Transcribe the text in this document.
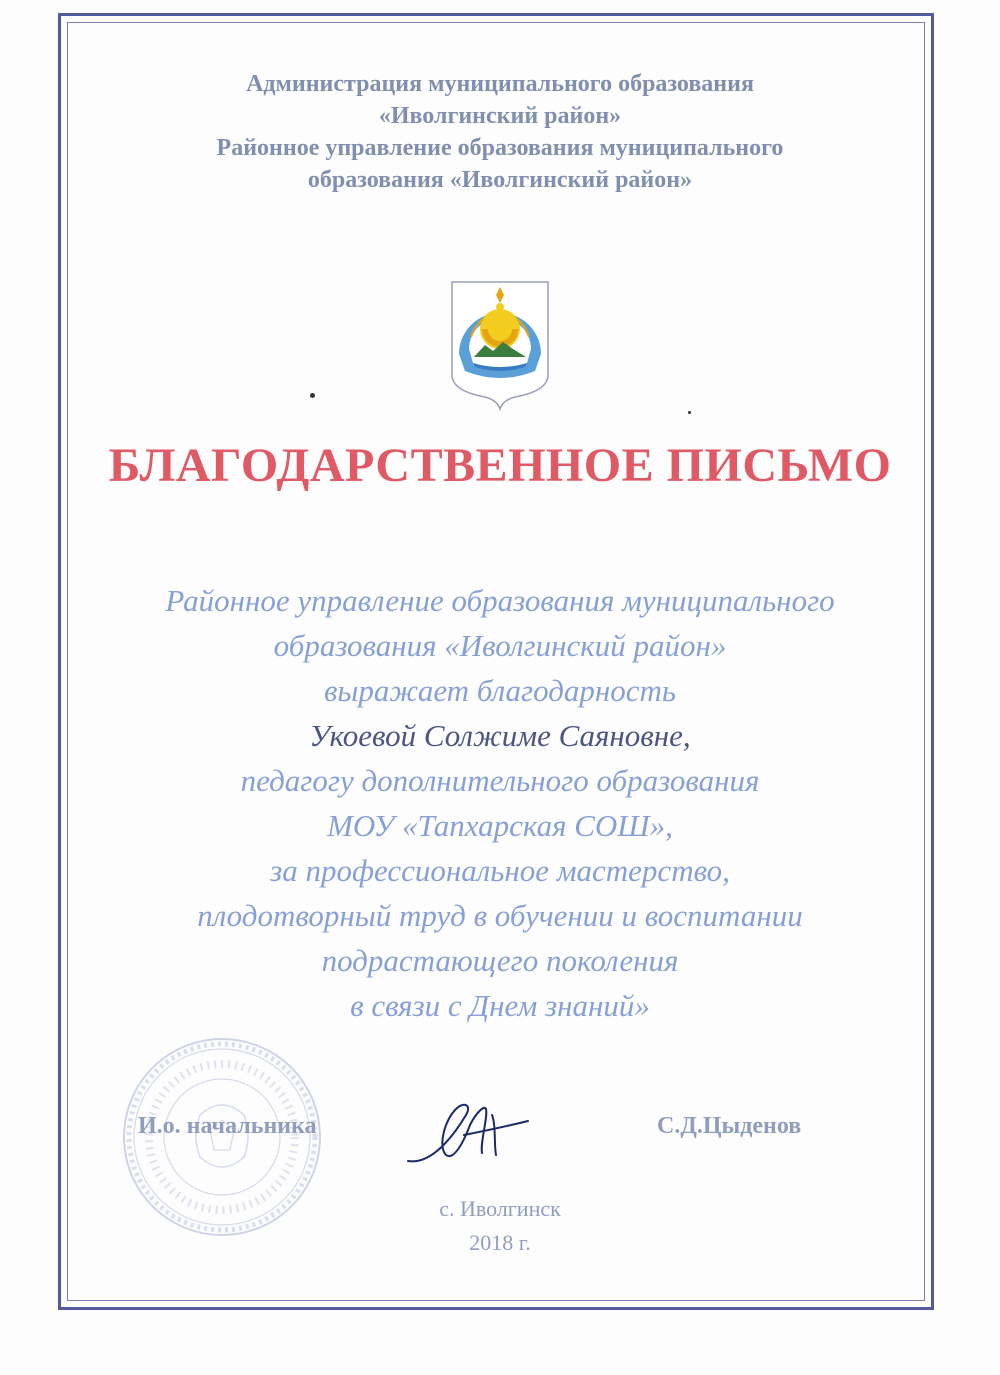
Администрация муниципального образования
«Иволгинский район»
Районное управление образования муниципального
образования «Иволгинский район»
БЛАГОДАРСТВЕННОЕ ПИСЬМО
Районное управление образования муниципального
образования «Иволгинский район»
выражает благодарность
Укоевой Солжиме Саяновне,
педагогу дополнительного образования
МОУ «Тапхарская СОШ»,
за профессиональное мастерство,
плодотворный труд в обучении и воспитании
подрастающего поколения
в связи с Днем знаний»
И.о. начальника	С.Д.Цыденов
с. Иволгинск
2018 г.
